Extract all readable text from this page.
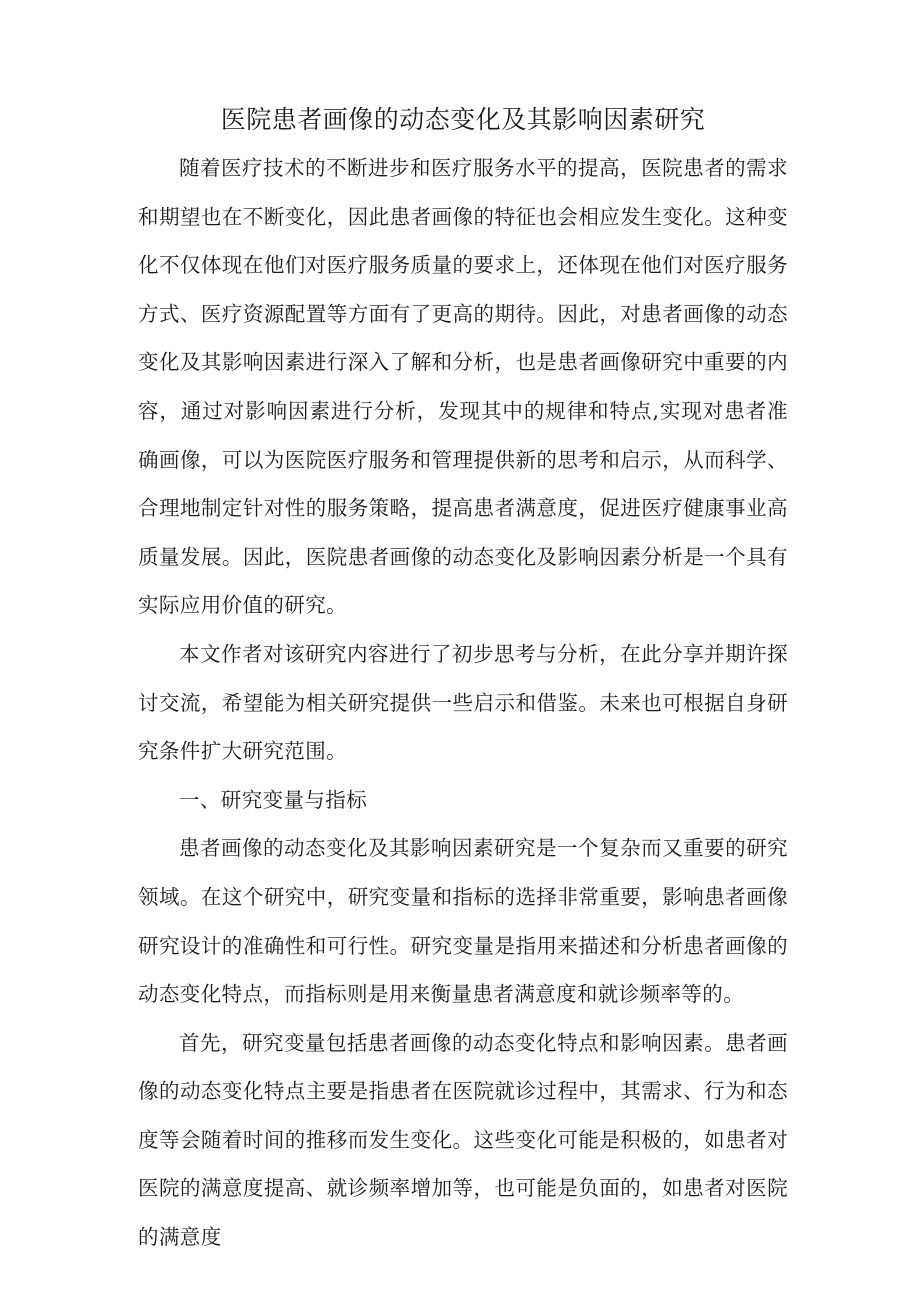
医院患者画像的动态变化及其影响因素研究

随着医疗技术的不断进步和医疗服务水平的提高，医院患者的需求和期望也在不断变化，因此患者画像的特征也会相应发生变化。这种变化不仅体现在他们对医疗服务质量的要求上，还体现在他们对医疗服务方式、医疗资源配置等方面有了更高的期待。因此，对患者画像的动态变化及其影响因素进行深入了解和分析，也是患者画像研究中重要的内容，通过对影响因素进行分析，发现其中的规律和特点,实现对患者准确画像，可以为医院医疗服务和管理提供新的思考和启示，从而科学、合理地制定针对性的服务策略，提高患者满意度，促进医疗健康事业高质量发展。因此，医院患者画像的动态变化及影响因素分析是一个具有实际应用价值的研究。

本文作者对该研究内容进行了初步思考与分析，在此分享并期许探讨交流，希望能为相关研究提供一些启示和借鉴。未来也可根据自身研究条件扩大研究范围。

一、研究变量与指标

患者画像的动态变化及其影响因素研究是一个复杂而又重要的研究领域。在这个研究中，研究变量和指标的选择非常重要，影响患者画像研究设计的准确性和可行性。研究变量是指用来描述和分析患者画像的动态变化特点，而指标则是用来衡量患者满意度和就诊频率等的。

首先，研究变量包括患者画像的动态变化特点和影响因素。患者画像的动态变化特点主要是指患者在医院就诊过程中，其需求、行为和态度等会随着时间的推移而发生变化。这些变化可能是积极的，如患者对医院的满意度提高、就诊频率增加等，也可能是负面的，如患者对医院的满意度
